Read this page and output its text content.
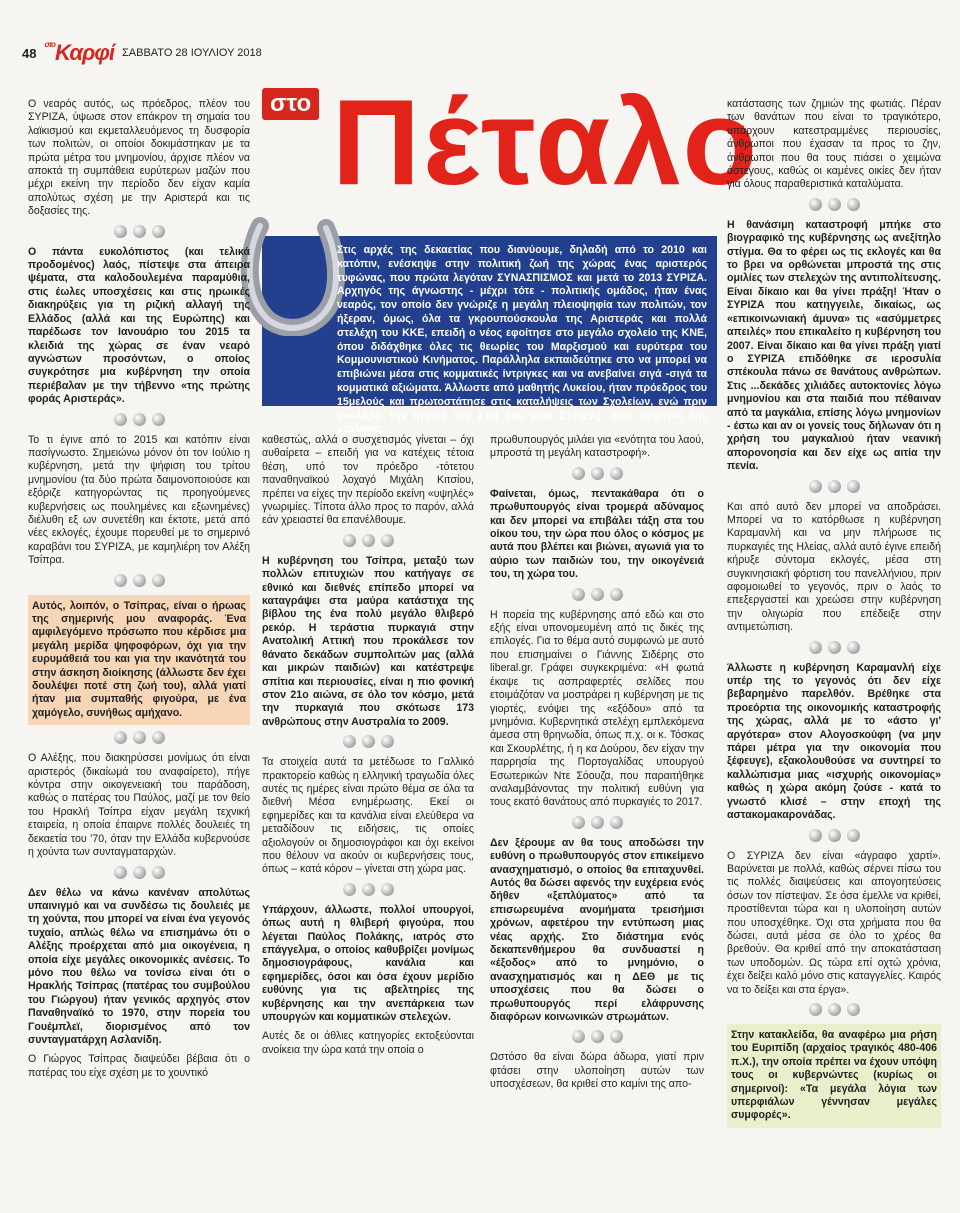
48
$^{\sigma\tau o}$Καρφί ΣΑΒΒΑΤΟ 28 ΙΟΥΛΙΟΥ 2018
στο Πέταλο
Στις αρχές της δεκαετίας που διανύουμε, δηλαδή από το 2010 και κατόπιν, ενέσκηψε στην πολιτική ζωή της χώρας ένας αριστερός τυφώνας, που πρώτα λεγόταν ΣΥΝΑΣΠΙΣΜΟΣ και μετά το 2013 ΣΥΡΙΖΑ. Αρχηγός της άγνωστης - μέχρι τότε - πολιτικής ομάδος, ήταν ένας νεαρός, τον οποίο δεν γνώριζε η μεγάλη πλειοψηφία των πολιτών, τον ήξεραν, όμως, όλα τα γκρουπούσκουλα της Αριστεράς και πολλά στελέχη του ΚΚΕ, επειδή ο νέος εφοίτησε στο μεγάλο σχολείο της ΚΝΕ, όπου διδάχθηκε όλες τις θεωρίες του Μαρξισμού και ευρύτερα του Κομμουνιστικού Κινήματος. Παράλληλα εκπαιδεύτηκε στο να μπορεί να επιβιώνει μέσα στις κομματικές ίντριγκες και να ανεβαίνει σιγά -σιγά τα κομματικά αξιώματα. Άλλωστε από μαθητής Λυκείου, ήταν πρόεδρος του 15μελούς και πρωτοστάτησε στις καταλήψεις των Σχολείων, ενώ πριν αναλάβει την ηγεσία του ΣΥΝ (και μετά ΣΥΡΙΖΑ), ήταν αρχηγός της νεολαίας.

Ο νεαρός αυτός, ως πρόεδρος, πλέον του ΣΥΡΙΖΑ, ύψωσε στον επάκρον τη σημαία του λαϊκισμού και εκμεταλλευόμενος τη δυσφορία των πολιτών, οι οποίοι δοκιμάστηκαν με τα πρώτα μέτρα του μνημονίου, άρχισε πλέον να αποκτά τη συμπάθεια ευρύτερων μαζών που μέχρι εκείνη την περίοδο δεν είχαν καμία απολύτως σχέση με την Αριστερά και τις δοξασίες της.

Ο πάντα ευκολόπιστος (και τελικά προδομένος) λαός, πίστεψε στα άπειρα ψέματα, στα καλοδουλεμένα παραμύθια, στις έωλες υποσχέσεις και στις ηρωικές διακηρύξεις για τη ριζική αλλαγή της Ελλάδος (αλλά και της Ευρώπης) και παρέδωσε τον Ιανουάριο του 2015 τα κλειδιά της χώρας σε έναν νεαρό αγνώστων προσόντων, ο οποίος συγκρότησε μια κυβέρνηση την οποία περιέβαλαν με την τήβεννο «της πρώτης φοράς Αριστεράς».

Το τι έγινε από το 2015 και κατόπιν είναι πασίγνωστο. Σημειώνω μόνον ότι τον Ιούλιο η κυβέρνηση, μετά την ψήφιση του τρίτου μνημονίου (τα δύο πρώτα δαιμονοποιούσε και εξόριζε κατηγορώντας τις προηγούμενες κυβερνήσεις ως πουλημένες και εξωνημένες) διέλυθη εξ ων συνετέθη και έκτοτε, μετά από νέες εκλογές, έχουμε πορευθεί με το σημερινό καραβάνι του ΣΥΡΙΖΑ, με καμηλιέρη τον Αλέξη Τσίπρα.

Αυτός, λοιπόν, ο Τσίπρας, είναι ο ήρωας της σημερινής μου αναφοράς. Ένα αμφιλεγόμενο πρόσωπο που κέρδισε μια μεγάλη μερίδα ψηφοφόρων, όχι για την ευρυμάθειά του και για την ικανότητά του στην άσκηση διοίκησης (άλλωστε δεν έχει δουλέψει ποτέ στη ζωή του), αλλά γιατί ήταν μια συμπαθής φιγούρα, με ένα χαμόγελο, συνήθως αμήχανο.

Ο Αλέξης, που διακηρύσσει μονίμως ότι είναι αριστερός (δικαίωμά του αναφαίρετο), πήγε κόντρα στην οικογενειακή του παράδοση, καθώς ο πατέρας του Παύλος, μαζί με τον θείο του Ηρακλή Τσίπρα είχαν μεγάλη τεχνική εταιρεία, η οποία έπαιρνε πολλές δουλειές τη δεκαετία του '70, όταν την Ελλάδα κυβερνούσε η χούντα των συνταγματαρχών.

Δεν θέλω να κάνω κανέναν απολύτως υπαινιγμό και να συνδέσω τις δουλειές με τη χούντα, που μπορεί να είναι ένα γεγονός τυχαίο, απλώς θέλω να επισημάνω ότι ο Αλέξης προέρχεται από μια οικογένεια, η οποία είχε μεγάλες οικονομικές ανέσεις. Το μόνο που θέλω να τονίσω είναι ότι ο Ηρακλής Τσίπρας (πατέρας του συμβούλου του Γιώργου) ήταν γενικός αρχηγός στον Παναθηναϊκό το 1970, στην πορεία του Γουέμπλεϊ, διορισμένος από τον συνταγματάρχη Ασλανίδη.

Ο Γιώργος Τσίπρας διαψεύδει βέβαια ότι ο πατέρας του είχε σχέση με το χουντικό

καθεστώς, αλλά ο συσχετισμός γίνεται – όχι αυθαίρετα – επειδή για να κατέχεις τέτοια θέση, υπό τον πρόεδρο -τότετου παναθηναϊκού λοχαγό Μιχάλη Κιτσίου, πρέπει να είχες την περίοδο εκείνη «υψηλές» γνωριμίες. Τίποτα άλλο προς το παρόν, αλλά εάν χρειαστεί θα επανέλθουμε.

Η κυβέρνηση του Τσίπρα, μεταξύ των πολλών επιτυχιών που κατήγαγε σε εθνικό και διεθνές επίπεδο μπορεί να καταγράψει στα μαύρα κατάστιχα της βίβλου της ένα πολύ μεγάλο θλιβερό ρεκόρ. Η τεράστια πυρκαγιά στην Ανατολική Αττική που προκάλεσε τον θάνατο δεκάδων συμπολιτών μας (αλλά και μικρών παιδιών) και κατέστρεψε σπίτια και περιουσίες, είναι η πιο φονική στον 21ο αιώνα, σε όλο τον κόσμο, μετά την πυρκαγιά που σκότωσε 173 ανθρώπους στην Αυστραλία το 2009.

Τα στοιχεία αυτά τα μετέδωσε το Γαλλικό πρακτορείο καθώς η ελληνική τραγωδία όλες αυτές τις ημέρες είναι πρώτο θέμα σε όλα τα διεθνή Μέσα ενημέρωσης. Εκεί οι εφημερίδες και τα κανάλια είναι ελεύθερα να μεταδίδουν τις ειδήσεις, τις οποίες αξιολογούν οι δημοσιογράφοι και όχι εκείνοι που θέλουν να ακούν οι κυβερνήσεις τους, όπως – κατά κόρον – γίνεται στη χώρα μας.

Υπάρχουν, άλλωστε, πολλοί υπουργοί, όπως αυτή η θλιβερή φιγούρα, που λέγεται Παύλος Πολάκης, ιατρός στο επάγγελμα, ο οποίος καθυβρίζει μονίμως δημοσιογράφους, κανάλια και εφημερίδες, όσοι και όσα έχουν μερίδιο ευθύνης για τις αβελτηρίες της κυβέρνησης και την ανεπάρκεια των υπουργών και κομματικών στελεχών.

Αυτές δε οι άθλιες κατηγορίες εκτοξεύονται ανοίκεια την ώρα κατά την οποία ο

πρωθυπουργός μιλάει για «ενότητα του λαού, μπροστά τη μεγάλη καταστροφή».

Φαίνεται, όμως, πεντακάθαρα ότι ο πρωθυπουργός είναι τρομερά αδύναμος και δεν μπορεί να επιβάλει τάξη στα του οίκου του, την ώρα που όλος ο κόσμος με αυτά που βλέπει και βιώνει, αγωνιά για το αύριο των παιδιών του, την οικογένειά του, τη χώρα του.

Η πορεία της κυβέρνησης από εδώ και στο εξής είναι υπονομευμένη από τις δικές της επιλογές. Για το θέμα αυτό συμφωνώ με αυτό που επισημαίνει ο Γιάννης Σιδέρης στο liberal.gr. Γράφει συγκεκριμένα: «Η φωτιά έκαψε τις ασπραφερτές σελίδες που ετοιμάζόταν να μοστράρει η κυβέρνηση με τις γιορτές, ενόψει της «εξόδου» από τα μνημόνια. Κυβερνητικά στελέχη εμπλεκόμενα άμεσα στη θρηνωδία, όπως π.χ. οι κ. Τόσκας και Σκουρλέτης, ή η κα Δούρου, δεν είχαν την παρρησία της Πορτογαλίδας υπουργού Εσωτερικών Ντε Σόουζα, που παραιτήθηκε αναλαμβάνοντας την πολιτική ευθύνη για τους εκατό θανάτους από πυρκαγιές το 2017.

Δεν ξέρουμε αν θα τους αποδώσει την ευθύνη ο πρωθυπουργός στον επικείμενο ανασχηματισμό, ο οποίος θα επιταχυνθεί. Αυτός θα δώσει αφενός την ευχέρεια ενός δήθεν «ξεπλύματος» από τα επισωρευμένα ανομήματα τρεισήμισι χρόνων, αφετέρου την εντύπωση μιας νέας αρχής. Στο διάστημα ενός δεκαπενθήμερου θα συνδυαστεί η «έξοδος» από το μνημόνιο, ο ανασχηματισμός και η ΔΕΘ με τις υποσχέσεις που θα δώσει ο πρωθυπουργός περί ελάφρυνσης διαφόρων κοινωνικών στρωμάτων.

Ωστόσο θα είναι δώρα άδωρα, γιατί πριν φτάσει στην υλοποίηση αυτών των υποσχέσεων, θα κριθεί στο καμίνι της απο-

κατάστασης των ζημιών της φωτιάς. Πέραν των θανάτων που είναι το τραγικότερο, υπάρχουν κατεστραμμένες περιουσίες, άνθρωποι που έχασαν τα προς το ζην, άνθρωποι που θα τους πιάσει ο χειμώνα άστεγους, καθώς οι καμένες οικίες δεν ήταν για όλους παραθεριστικά καταλύματα.

Η θανάσιμη καταστροφή μπήκε στο βιογραφικό της κυβέρνησης ως ανεξίτηλο στίγμα. Θα το φέρει ως τις εκλογές και θα το βρει να ορθώνεται μπροστά της στις ομιλίες των στελεχών της αντιπολίτευσης. Είναι δίκαιο και θα γίνει πράξη! Ήταν ο ΣΥΡΙΖΑ που κατηγγειλε, δικαίως, ως «επικοινωνιακή άμυνα» τις «ασύμμετρες απειλές» που επικαλείτο η κυβέρνηση του 2007. Είναι δίκαιο και θα γίνει πράξη γιατί ο ΣΥΡΙΖΑ επιδόθηκε σε ιεροσυλία σπέκουλα πάνω σε θανάτους ανθρώπων. Στις ...δεκάδες χιλιάδες αυτοκτονίες λόγω μνημονίου και στα παιδιά που πέθαιναν από τα μαγκάλια, επίσης λόγω μνημονίων - έστω και αν οι γονείς τους δήλωναν ότι η χρήση του μαγκαλιού ήταν νεανική απορονοησία και δεν είχε ως αιτία την πενία.

Και από αυτό δεν μπορεί να αποδράσει. Μπορεί να το κατόρθωσε η κυβέρνηση Καραμανλή και να μην πλήρωσε τις πυρκαγιές της Ηλείας, αλλά αυτό έγινε επειδή κήρυξε σύντομα εκλογές, μέσα στη συγκινησιακή φόρτιση του πανελλήνιου, πριν αφομοιωθεί το γεγονός, πριν ο λαός το επεξεργαστεί και χρεώσει στην κυβέρνηση την ολιγωρία που επέδειξε στην αντιμετώπιση.

Άλλωστε η κυβέρνηση Καραμανλή είχε υπέρ της το γεγονός ότι δεν είχε βεβαρημένο παρελθόν. Βρέθηκε στα προεόρτια της οικονομικής καταστροφής της χώρας, αλλά με το «άστο γι' αργότερα» στον Αλογοσκούφη (να μην πάρει μέτρα για την οικονομία που ξέφευγε), εξακολουθούσε να συντηρεί το καλλώπισμα μιας «ισχυρής οικονομίας» καθώς η χώρα ακόμη ζούσε - κατά το γνωστό κλισέ – στην εποχή της αστακομακαρονάδας.

Ο ΣΥΡΙΖΑ δεν είναι «άγραφο χαρτί». Βαρύνεται με πολλά, καθώς σέρνει πίσω του τις πολλές διαψεύσεις και απογοητεύσεις όσων τον πίστεψαν. Σε όσα έμελλε να κριθεί, προστίθενται τώρα και η υλοποίηση αυτών που υποσχέθηκε. Όχι στα χρήματα που θα δώσει, αυτά μέσα σε όλο το χρέος θα βρεθούν. Θα κριθεί από την αποκατάσταση των υποδομών. Ως τώρα επί οχτώ χρόνια, έχει δείξει καλό μόνο στις καταγγελίες. Καιρός να το δείξει και στα έργα».

Στην κατακλείδα, θα αναφέρω μια ρήση του Ευριπίδη (αρχαίος τραγικός 480-406 π.Χ.), την οποία πρέπει να έχουν υπόψη τους οι κυβερνώντες (κυρίως οι σημερινοί): «Τα μεγάλα λόγια των υπερφιάλων γέννησαν μεγάλες συμφορές».
